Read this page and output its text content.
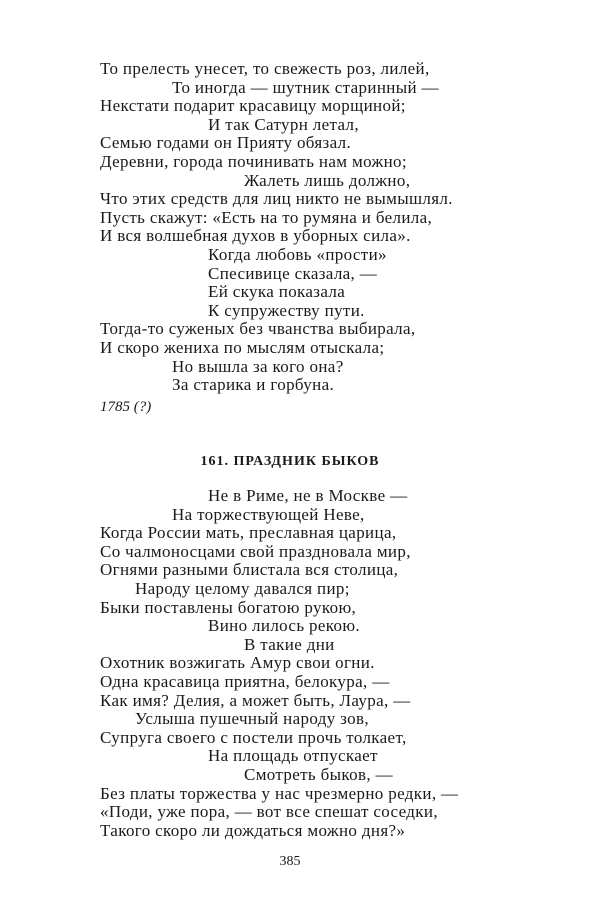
То прелесть унесет, то свежесть роз, лилей,
То иногда — шутник старинный —
Некстати подарит красавицу морщиной;
И так Сатурн летал,
Семью годами он Прияту обязал.
Деревни, города починивать нам можно;
Жалеть лишь должно,
Что этих средств для лиц никто не вымышлял.
Пусть скажут: «Есть на то румяна и белила,
И вся волшебная духов в уборных сила».
Когда любовь «прости»
Спесивице сказала, —
Ей скука показала
К супружеству пути.
Тогда-то суженых без чванства выбирала,
И скоро жениха по мыслям отыскала;
Но вышла за кого она?
За старика и горбуна.
1785 (?)
161. ПРАЗДНИК БЫКОВ
Не в Риме, не в Москве —
На торжествующей Неве,
Когда России мать, преславная царица,
Со чалмоносцами свой праздновала мир,
Огнями разными блистала вся столица,
Народу целому давался пир;
Быки поставлены богатою рукою,
Вино лилось рекою.
В такие дни
Охотник возжигать Амур свои огни.
Одна красавица приятна, белокура, —
Как имя? Делия, а может быть, Лаура, —
Услыша пушечный народу зов,
Супруга своего с постели прочь толкает,
На площадь отпускает
Смотреть быков, —
Без платы торжества у нас чрезмерно редки, —
«Поди, уже пора, — вот все спешат соседки,
Такого скоро ли дождаться можно дня?»
385
